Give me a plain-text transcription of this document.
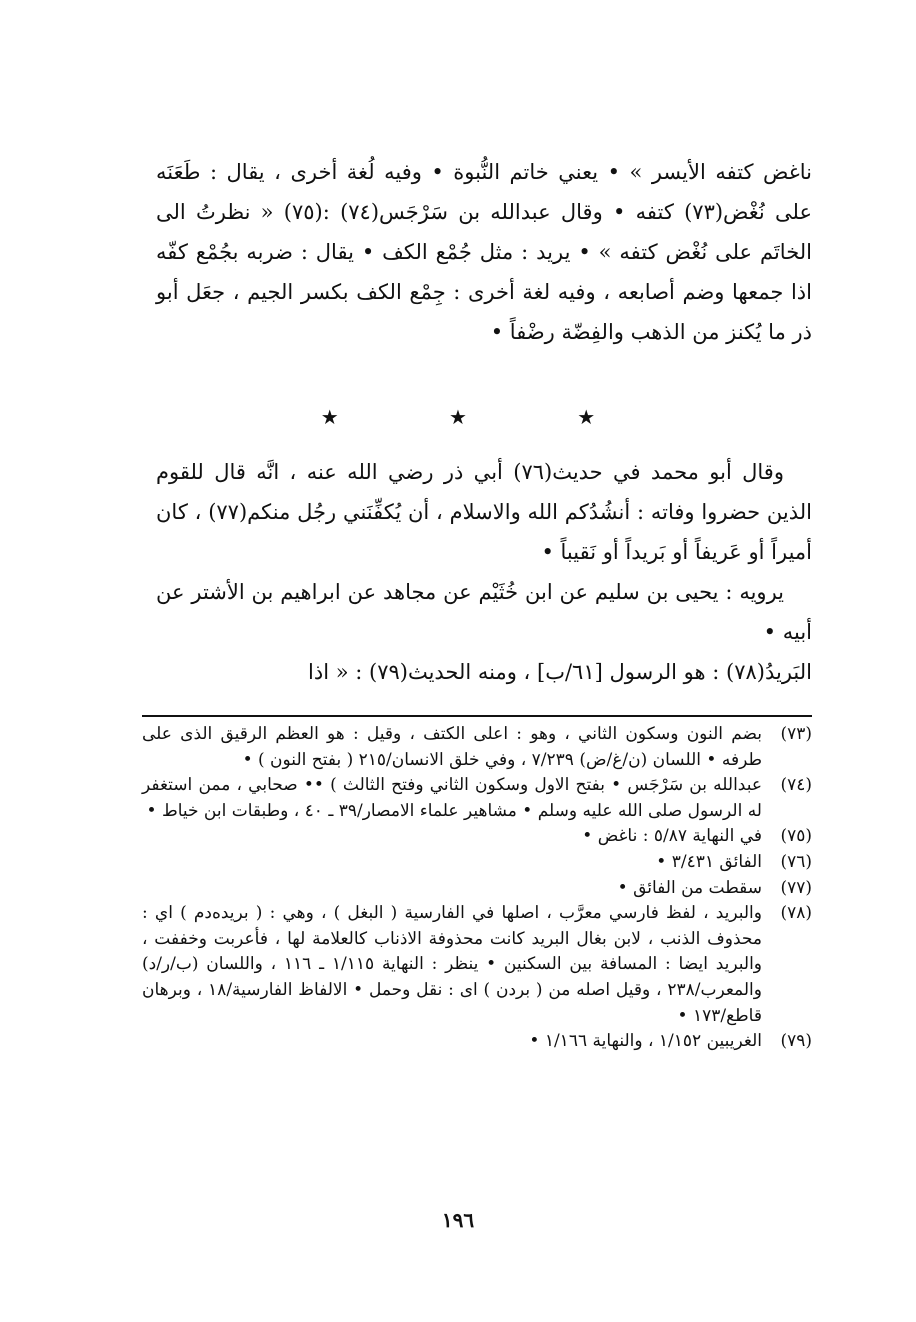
ناغض كتفه الأيسر » • يعني خاتم النُّبوة • وفيه لُغة أخرى ، يقال : طَعَنَه على نُغْض(٧٣) كتفه • وقال عبدالله بن سَرْجَس(٧٤) :(٧٥) « نظرتُ الى الخاتَم على نُغْض كتفه » • يريد : مثل جُمْع الكف • يقال : ضربه بجُمْع كفّه اذا جمعها وضم أصابعه ، وفيه لغة أخرى : جِمْع الكف بكسر الجيم ، جعَل أبو ذر ما يُكنز من الذهب والفِضّة رضْفاً •

★ ★ ★

وقال أبو محمد في حديث(٧٦) أبي ذر رضي الله عنه ، انَّه قال للقوم الذين حضروا وفاته : أنشُدُكم الله والاسلام ، أن يُكفِّنَني رجُل منكم(٧٧) ، كان أميراً أو عَريفاً أو بَريداً أو نَقيباً •

يرويه : يحيى بن سليم عن ابن خُثَيْم عن مجاهد عن ابراهيم بن الأشتر عن أبيه •

البَريدُ(٧٨) : هو الرسول [٦١/ب] ، ومنه الحديث(٧٩) : « اذا

(٧٣)
بضم النون وسكون الثاني ، وهو : اعلى الكتف ، وقيل : هو العظم الرقيق الذى على طرفه • اللسان (ن/غ/ض) ٧/٢٣٩ ، وفي خلق الانسان/٢١٥ ( بفتح النون ) •
(٧٤)
عبدالله بن سَرْجَس • بفتح الاول وسكون الثاني وفتح الثالث ) •• صحابي ، ممن استغفر له الرسول صلى الله عليه وسلم • مشاهير علماء الامصار/٣٩ ـ ٤٠ ، وطبقات ابن خياط •
(٧٥)
في النهاية ٥/٨٧ : ناغض •
(٧٦)
الفائق ٣/٤٣١ •
(٧٧)
سقطت من الفائق •
(٧٨)
والبريد ، لفظ فارسي معرَّب ، اصلها في الفارسية ( البغل ) ، وهي : ( بريده‌دم ) اي : محذوف الذنب ، لابن بغال البريد كانت محذوفة الاذناب كالعلامة لها ، فأعربت وخففت ، والبريد ايضا : المسافة بين السكنين • ينظر : النهاية ١/١١٥ ـ ١١٦ ، واللسان (ب/ر/د) والمعرب/٢٣٨ ، وقيل اصله من ( بردن ) اى : نقل وحمل • الالفاظ الفارسية/١٨ ، وبرهان قاطع/١٧٣ •
(٧٩)
الغريبين ١/١٥٢ ، والنهاية ١/١٦٦ •
١٩٦
